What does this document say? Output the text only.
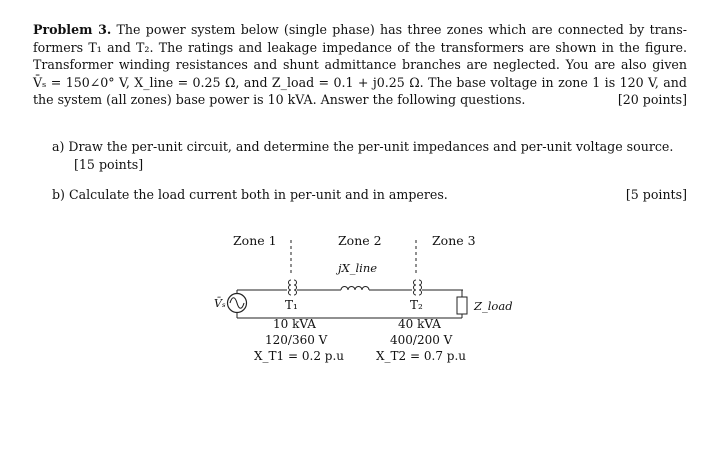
Problem 3. The power system below (single phase) has three zones which are connected by trans-
formers T₁ and T₂. The ratings and leakage impedance of the transformers are shown in the figure.
Transformer winding resistances and shunt admittance branches are neglected. You are also given
V̄ₛ = 150∠0° V, X_line = 0.25 Ω, and Z_load = 0.1 + j0.25 Ω. The base voltage in zone 1 is 120 V, and
the system (all zones) base power is 10 kVA. Answer the following questions.	[20 points]
a) Draw the per-unit circuit, and determine the per-unit impedances and per-unit voltage source.
[15 points]
b) Calculate the load current both in per-unit and in amperes.	[5 points]
Zone 1	Zone 2	Zone 3
V̄ₛ	T₁
10 kVA
120/360 V
X_T1 = 0.2 p.u
jX_line
T₂
40 kVA
400/200 V
X_T2 = 0.7 p.u
Z_load
